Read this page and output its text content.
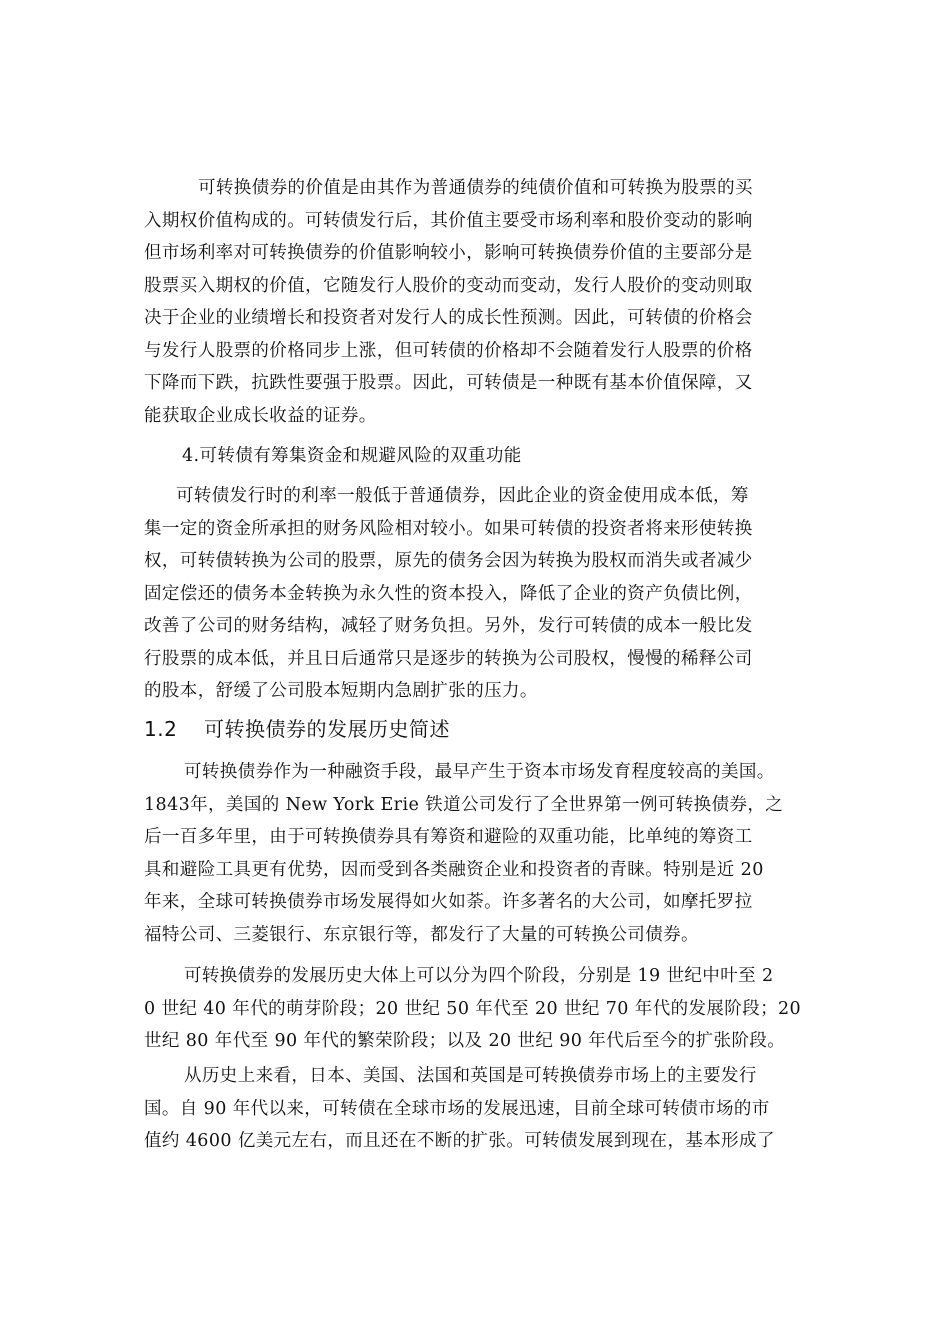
可转换债券的价值是由其作为普通债券的纯债价值和可转换为股票的买
入期权价值构成的。可转债发行后，其价值主要受市场利率和股价变动的影响
但市场利率对可转换债券的价值影响较小，影响可转换债券价值的主要部分是
股票买入期权的价值，它随发行人股价的变动而变动，发行人股价的变动则取
决于企业的业绩增长和投资者对发行人的成长性预测。因此，可转债的价格会
与发行人股票的价格同步上涨，但可转债的价格却不会随着发行人股票的价格
下降而下跌，抗跌性要强于股票。因此，可转债是一种既有基本价值保障，又
能获取企业成长收益的证券。
4.可转债有筹集资金和规避风险的双重功能
可转债发行时的利率一般低于普通债券，因此企业的资金使用成本低，筹
集一定的资金所承担的财务风险相对较小。如果可转债的投资者将来形使转换
权，可转债转换为公司的股票，原先的债务会因为转换为股权而消失或者减少
固定偿还的债务本金转换为永久性的资本投入，降低了企业的资产负债比例，
改善了公司的财务结构，减轻了财务负担。另外，发行可转债的成本一般比发
行股票的成本低，并且日后通常只是逐步的转换为公司股权，慢慢的稀释公司
的股本，舒缓了公司股本短期内急剧扩张的压力。
1.2 可转换债券的发展历史简述
可转换债券作为一种融资手段，最早产生于资本市场发育程度较高的美国。
1843年，美国的 New York Erie 铁道公司发行了全世界第一例可转换债券，之
后一百多年里，由于可转换债券具有筹资和避险的双重功能，比单纯的筹资工
具和避险工具更有优势，因而受到各类融资企业和投资者的青睐。特别是近 20
年来，全球可转换债券市场发展得如火如荼。许多著名的大公司，如摩托罗拉
福特公司、三菱银行、东京银行等，都发行了大量的可转换公司债券。
可转换债券的发展历史大体上可以分为四个阶段，分别是 19 世纪中叶至 2
0 世纪 40 年代的萌芽阶段；20 世纪 50 年代至 20 世纪 70 年代的发展阶段；20
世纪 80 年代至 90 年代的繁荣阶段；以及 20 世纪 90 年代后至今的扩张阶段。
从历史上来看，日本、美国、法国和英国是可转换债券市场上的主要发行
国。自 90 年代以来，可转债在全球市场的发展迅速，目前全球可转债市场的市
值约 4600 亿美元左右，而且还在不断的扩张。可转债发展到现在，基本形成了
